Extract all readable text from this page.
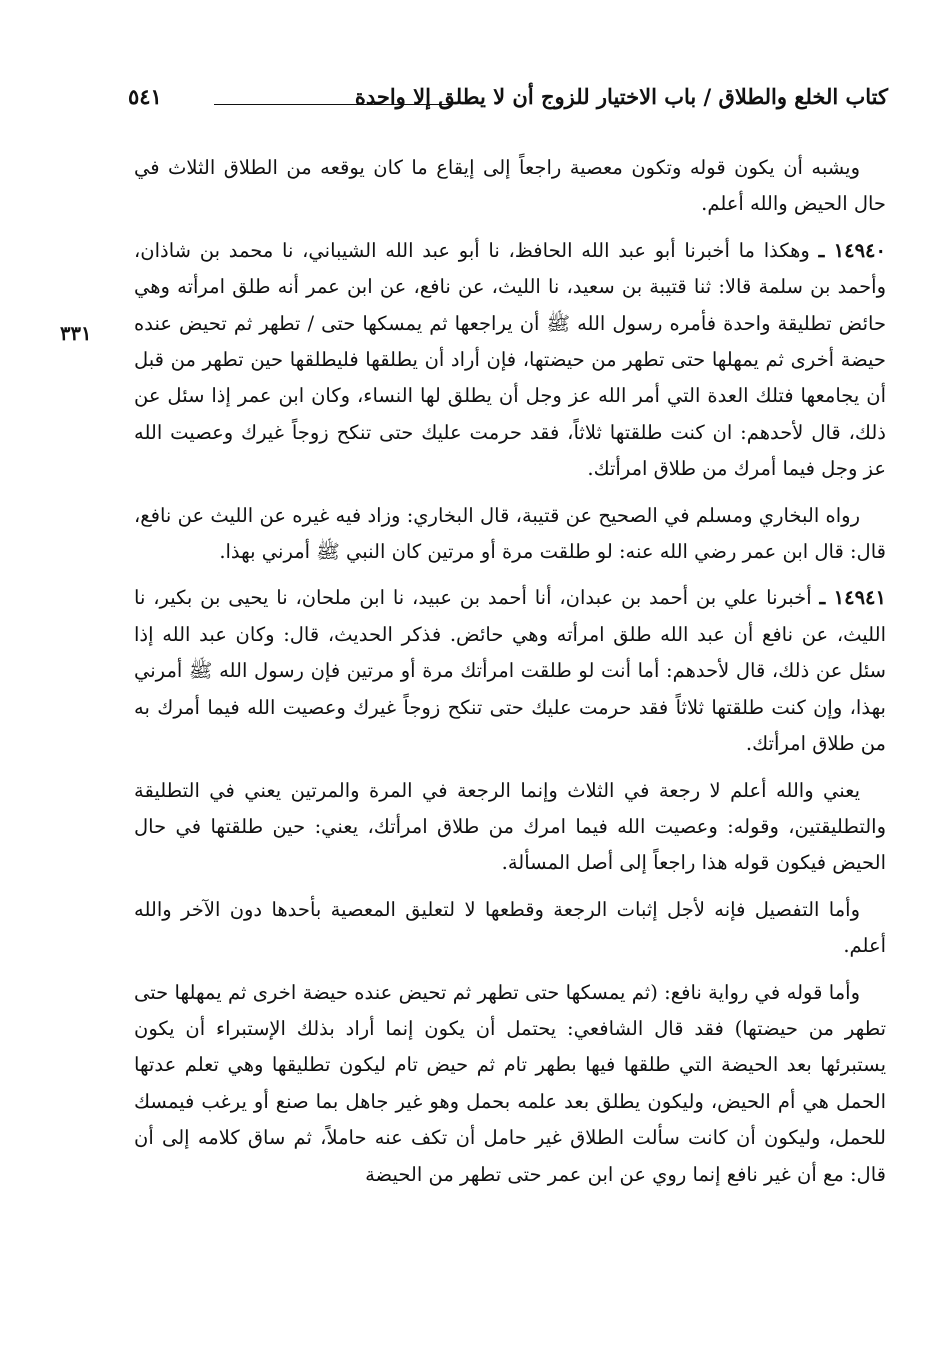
كتاب الخلع والطلاق / باب الاختيار للزوج أن لا يطلق إلا واحدة
٥٤١
٣٣١

ويشبه أن يكون قوله وتكون معصية راجعاً إلى إيقاع ما كان يوقعه من الطلاق الثلاث في حال الحيض والله أعلم.

١٤٩٤٠ ـ وهكذا ما أخبرنا أبو عبد الله الحافظ، نا أبو عبد الله الشيباني، نا محمد بن شاذان، وأحمد بن سلمة قالا: ثنا قتيبة بن سعيد، نا الليث، عن نافع، عن ابن عمر أنه طلق امرأته وهي حائض تطليقة واحدة فأمره رسول الله ﷺ أن يراجعها ثم يمسكها حتى / تطهر ثم تحيض عنده حيضة أخرى ثم يمهلها حتى تطهر من حيضتها، فإن أراد أن يطلقها فليطلقها حين تطهر من قبل أن يجامعها فتلك العدة التي أمر الله عز وجل أن يطلق لها النساء، وكان ابن عمر إذا سئل عن ذلك، قال لأحدهم: ان كنت طلقتها ثلاثاً، فقد حرمت عليك حتى تنكح زوجاً غيرك وعصيت الله عز وجل فيما أمرك من طلاق امرأتك.

رواه البخاري ومسلم في الصحيح عن قتيبة، قال البخاري: وزاد فيه غيره عن الليث عن نافع، قال: قال ابن عمر رضي الله عنه: لو طلقت مرة أو مرتين كان النبي ﷺ أمرني بهذا.

١٤٩٤١ ـ أخبرنا علي بن أحمد بن عبدان، أنا أحمد بن عبيد، نا ابن ملحان، نا يحيى بن بكير، نا الليث، عن نافع أن عبد الله طلق امرأته وهي حائض. فذكر الحديث، قال: وكان عبد الله إذا سئل عن ذلك، قال لأحدهم: أما أنت لو طلقت امرأتك مرة أو مرتين فإن رسول الله ﷺ أمرني بهذا، وإن كنت طلقتها ثلاثاً فقد حرمت عليك حتى تنكح زوجاً غيرك وعصيت الله فيما أمرك به من طلاق امرأتك.

يعني والله أعلم لا رجعة في الثلاث وإنما الرجعة في المرة والمرتين يعني في التطليقة والتطليقتين، وقوله: وعصيت الله فيما امرك من طلاق امرأتك، يعني: حين طلقتها في حال الحيض فيكون قوله هذا راجعاً إلى أصل المسألة.

وأما التفصيل فإنه لأجل إثبات الرجعة وقطعها لا لتعليق المعصية بأحدها دون الآخر والله أعلم.

وأما قوله في رواية نافع: (ثم يمسكها حتى تطهر ثم تحيض عنده حيضة اخرى ثم يمهلها حتى تطهر من حيضتها) فقد قال الشافعي: يحتمل أن يكون إنما أراد بذلك الإستبراء أن يكون يستبرئها بعد الحيضة التي طلقها فيها بطهر تام ثم حيض تام ليكون تطليقها وهي تعلم عدتها الحمل هي أم الحيض، وليكون يطلق بعد علمه بحمل وهو غير جاهل بما صنع أو يرغب فيمسك للحمل، وليكون أن كانت سألت الطلاق غير حامل أن تكف عنه حاملاً، ثم ساق كلامه إلى أن قال: مع أن غير نافع إنما روي عن ابن عمر حتى تطهر من الحيضة
